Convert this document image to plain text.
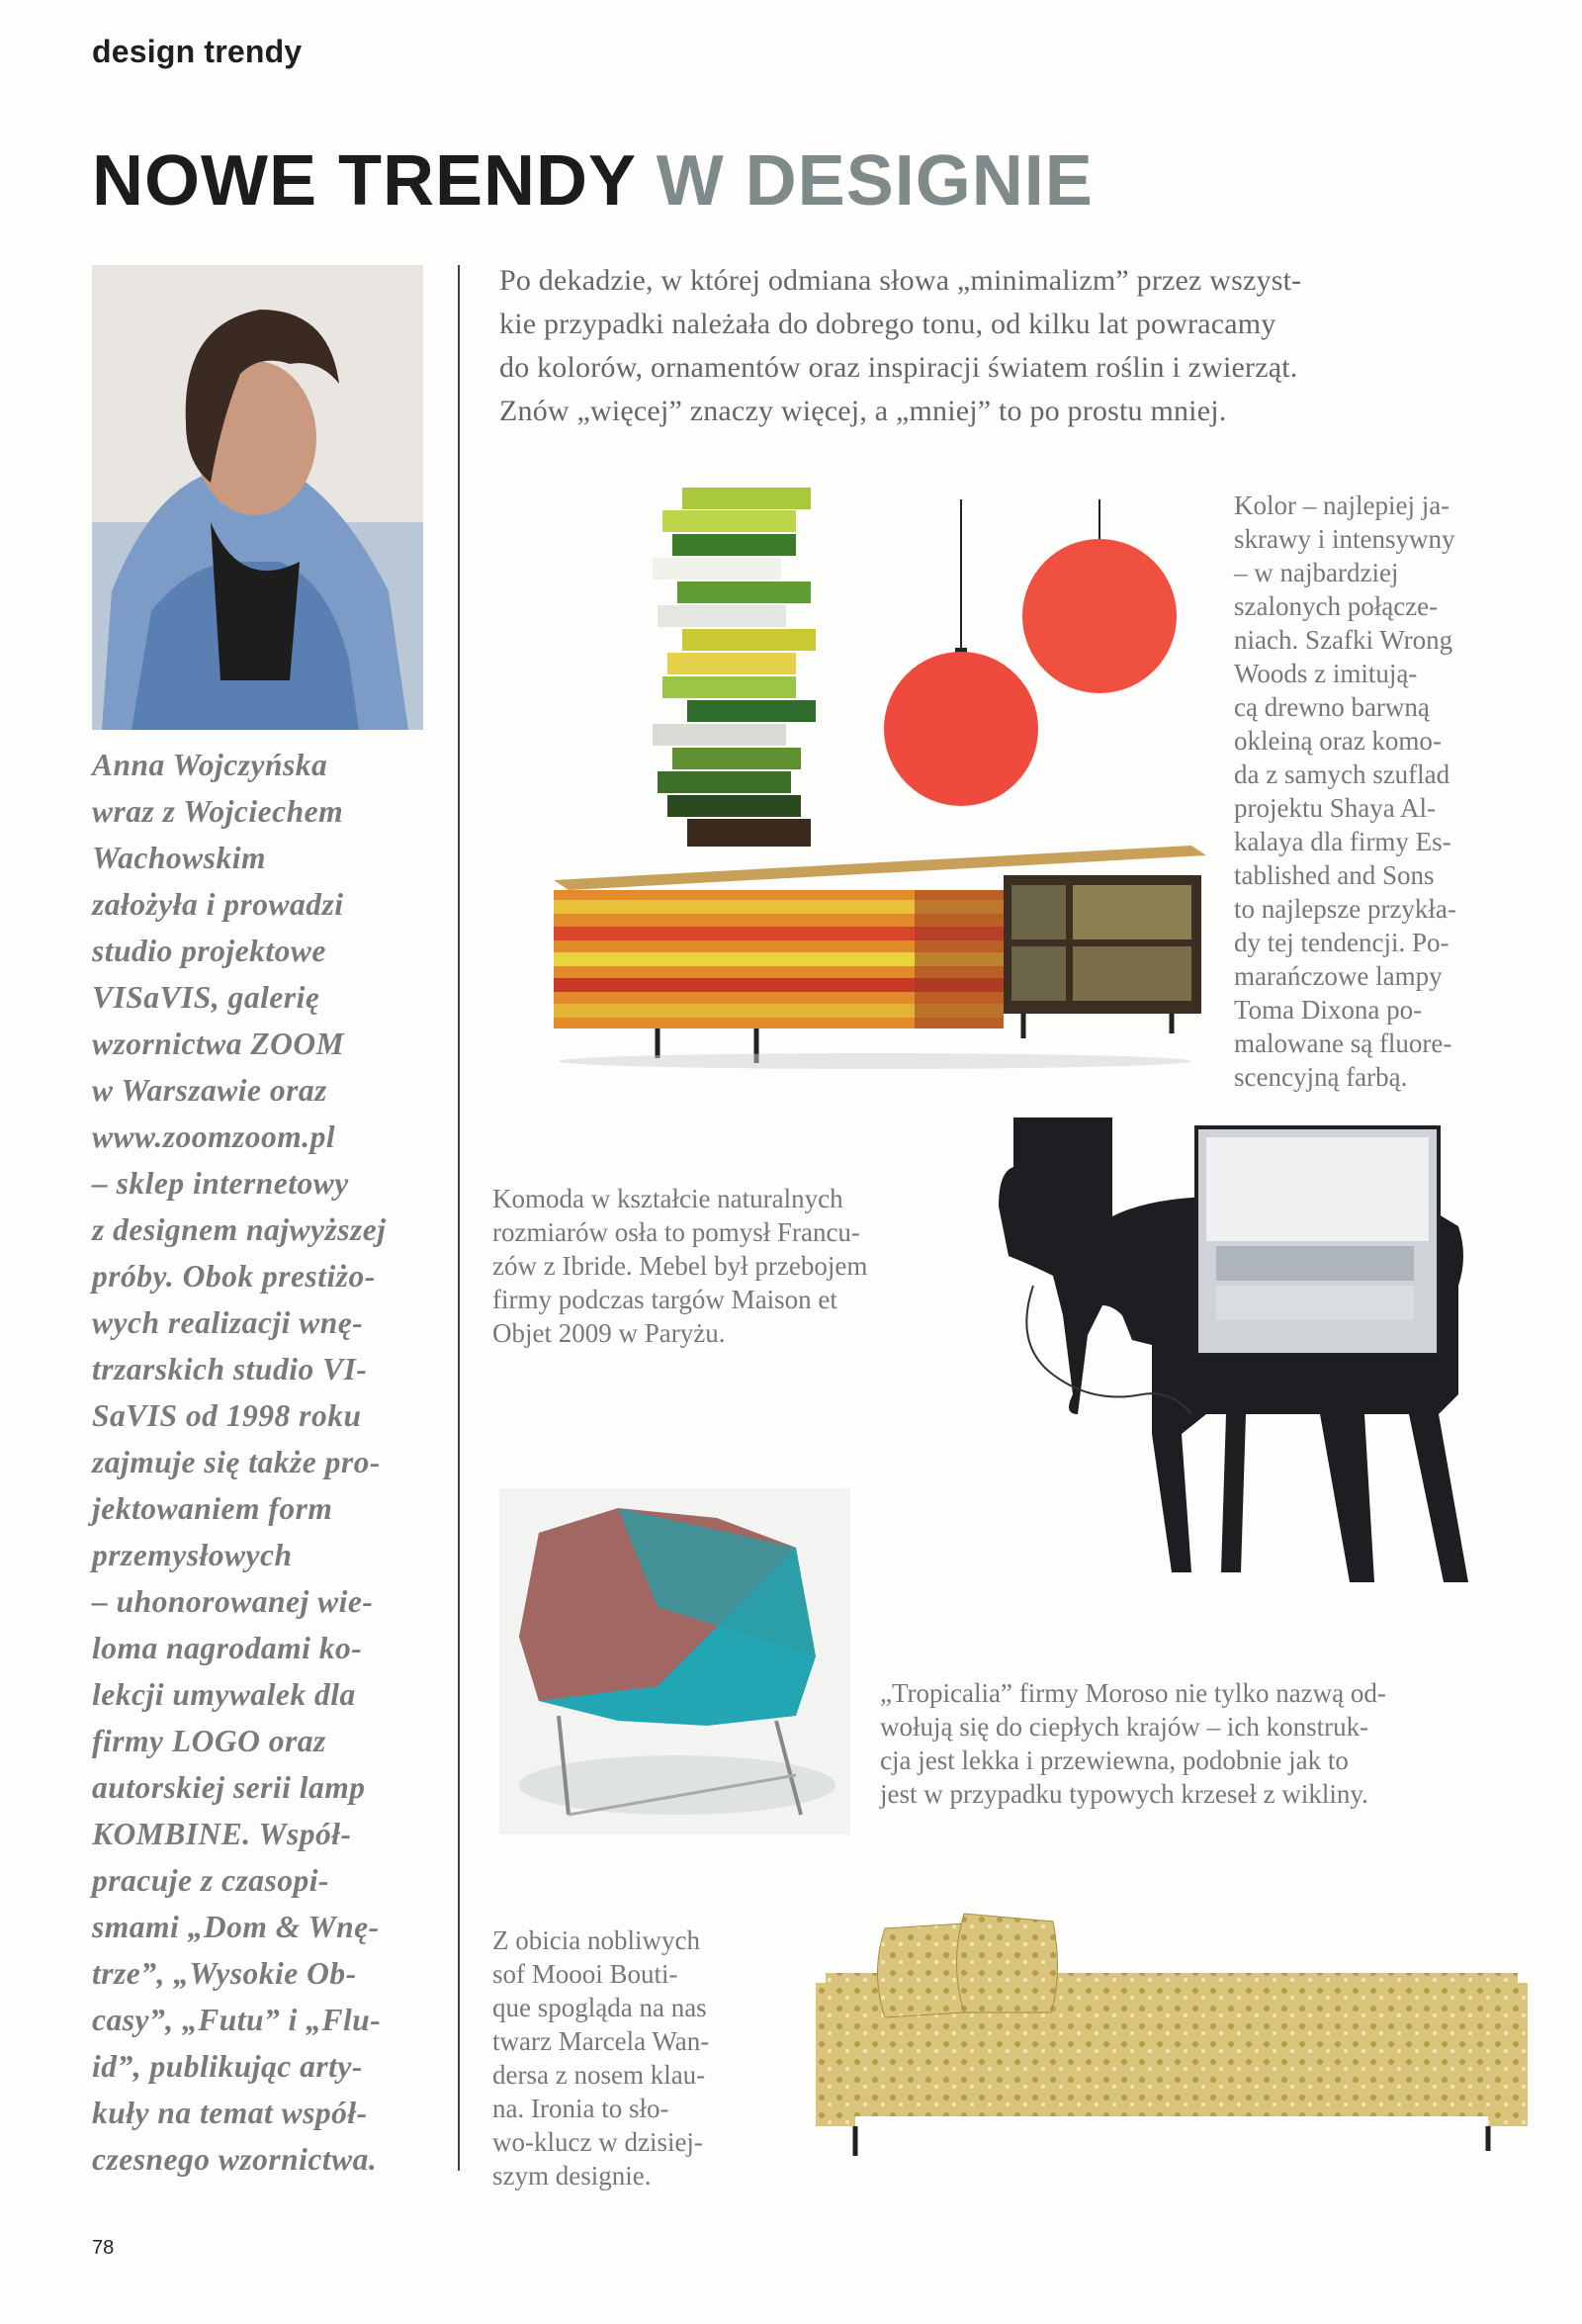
design trendy
NOWE TRENDY W DESIGNIE
Anna Wojczyńska
wraz z Wojciechem
Wachowskim
założyła i prowadzi
studio projektowe
VISaVIS, galerię
wzornictwa ZOOM
w Warszawie oraz
www.zoomzoom.pl
– sklep internetowy
z designem najwyższej
próby. Obok prestiżo-
wych realizacji wnę-
trzarskich studio VI-
SaVIS od 1998 roku
zajmuje się także pro-
jektowaniem form
przemysłowych
– uhonorowanej wie-
loma nagrodami ko-
lekcji umywalek dla
firmy LOGO oraz
autorskiej serii lamp
KOMBINE. Współ-
pracuje z czasopi-
smami „Dom & Wnę-
trze”, „Wysokie Ob-
casy”, „Futu” i „Flu-
id”, publikując arty-
kuły na temat współ-
czesnego wzornictwa.
Po dekadzie, w której odmiana słowa „minimalizm” przez wszyst-
kie przypadki należała do dobrego tonu, od kilku lat powracamy
do kolorów, ornamentów oraz inspiracji światem roślin i zwierząt.
Znów „więcej” znaczy więcej, a „mniej” to po prostu mniej.
Kolor – najlepiej ja-
skrawy i intensywny
– w najbardziej
szalonych połącze-
niach. Szafki Wrong
Woods z imitują-
cą drewno barwną
okleiną oraz komo-
da z samych szuflad
projektu Shaya Al-
kalaya dla firmy Es-
tablished and Sons
to najlepsze przykła-
dy tej tendencji. Po-
marańczowe lampy
Toma Dixona po-
malowane są fluore-
scencyjną farbą.
Komoda w kształcie naturalnych
rozmiarów osła to pomysł Francu-
zów z Ibride. Mebel był przebojem
firmy podczas targów Maison et
Objet 2009 w Paryżu.
„Tropicalia” firmy Moroso nie tylko nazwą od-
wołują się do ciepłych krajów – ich konstruk-
cja jest lekka i przewiewna, podobnie jak to
jest w przypadku typowych krzeseł z wikliny.
Z obicia nobliwych
sof Moooi Bouti-
que spogląda na nas
twarz Marcela Wan-
dersa z nosem klau-
na. Ironia to sło-
wo-klucz w dzisiej-
szym designie.
78
